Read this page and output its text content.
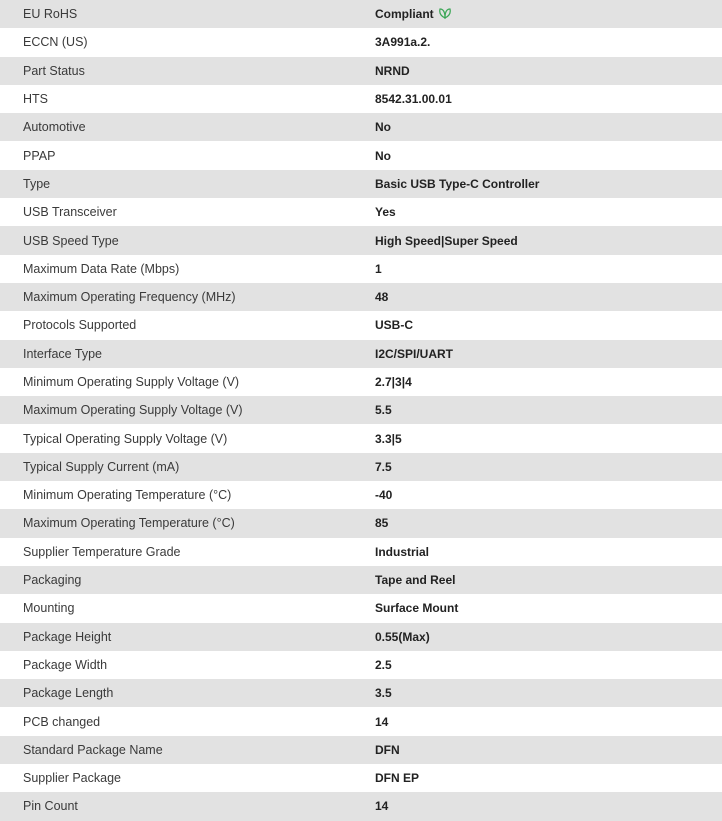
EU RoHS	Compliant
ECCN (US)	3A991a.2.
Part Status	NRND
HTS	8542.31.00.01
Automotive	No
PPAP	No
Type	Basic USB Type-C Controller
USB Transceiver	Yes
USB Speed Type	High Speed|Super Speed
Maximum Data Rate (Mbps)	1
Maximum Operating Frequency (MHz)	48
Protocols Supported	USB-C
Interface Type	I2C/SPI/UART
Minimum Operating Supply Voltage (V)	2.7|3|4
Maximum Operating Supply Voltage (V)	5.5
Typical Operating Supply Voltage (V)	3.3|5
Typical Supply Current (mA)	7.5
Minimum Operating Temperature (°C)	-40
Maximum Operating Temperature (°C)	85
Supplier Temperature Grade	Industrial
Packaging	Tape and Reel
Mounting	Surface Mount
Package Height	0.55(Max)
Package Width	2.5
Package Length	3.5
PCB changed	14
Standard Package Name	DFN
Supplier Package	DFN EP
Pin Count	14
